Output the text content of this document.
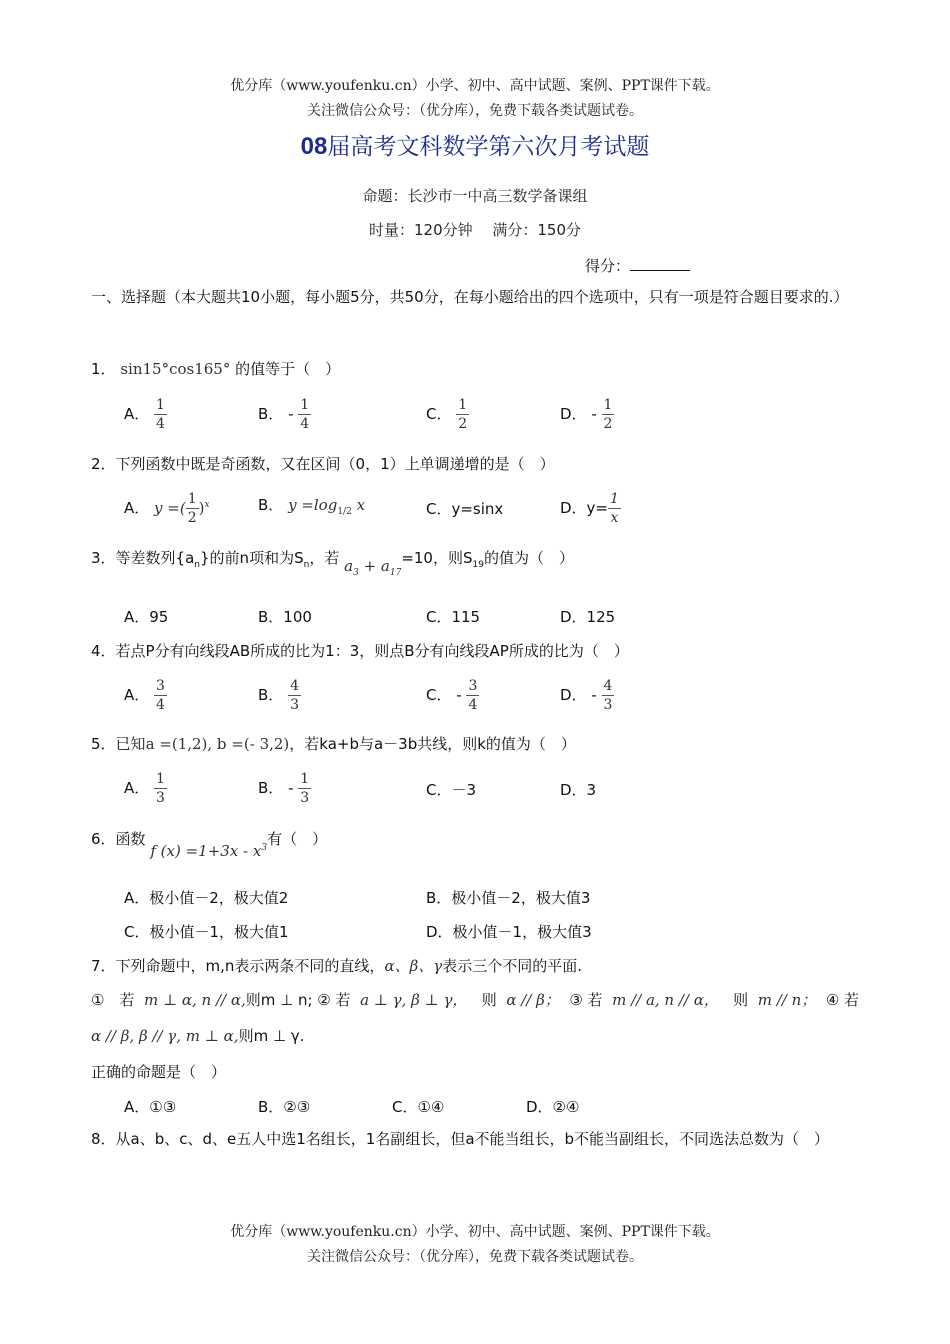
优分库（www.youfenku.cn）小学、初中、高中试题、案例、PPT课件下载。
关注微信公众号：（优分库），免费下载各类试题试卷。
08届高考文科数学第六次月考试题
命题：长沙市一中高三数学备课组
时量：120分钟　 满分：150分
得分：
一、选择题（本大题共10小题，每小题5分，共50分，在每小题给出的四个选项中，只有一项是符合题目要求的.）
1． sin15°cos165° 的值等于（　）
A． $\frac{1}{4}$	B． - $\frac{1}{4}$	C． $\frac{1}{2}$	D． - $\frac{1}{2}$
2．下列函数中既是奇函数，又在区间（0，1）上单调递增的是（　）
A． y =( $\frac{1}{2} )^x$	B． $y =\log_{1/2}$ x	C．y=sinx	D．$y= \frac{1}{x}$
3．等差数列$\{a_n\}$的前n项和为$S_n$，若 $a_3 + a_{17}=10$，则$S_{19}$的值为（　）
A．95	B．100	C．115	D．125
4．若点P分有向线段AB所成的比为1：3，则点B分有向线段AP所成的比为（　）
A． $\frac{3}{4}$	B． $\frac{4}{3}$	C． - $\frac{3}{4}$	D． - $\frac{4}{3}$
5．已知a =(1,2), b =(- 3,2)，若ka+b与a－3b共线，则k的值为（　）
A． $\frac{1}{3}$	B． - $\frac{1}{3}$	C．－3	D．3
6．函数 f $(x) =1+3x - x^3$有（　）
A．极小值－2，极大值2	B．极小值－2，极大值3
C．极小值－1，极大值1	D．极小值－1，极大值3
7．下列命题中，m,n表示两条不同的直线，α、β、γ表示三个不同的平面.
①　若 m ⊥ α, n // α,则m ⊥ n; ② 若 a ⊥ γ, β ⊥ γ， 则 α // β； ③ 若 m // a, n // α， 则 m // n； ④ 若
α // β, β // γ, m ⊥ α,则m ⊥ γ.
正确的命题是（　）
A．①③	B．②③	C．①④	D．②④
8．从a、b、c、d、e五人中选1名组长，1名副组长，但a不能当组长，b不能当副组长，不同选法总数为（　）
优分库（www.youfenku.cn）小学、初中、高中试题、案例、PPT课件下载。
关注微信公众号：（优分库），免费下载各类试题试卷。
